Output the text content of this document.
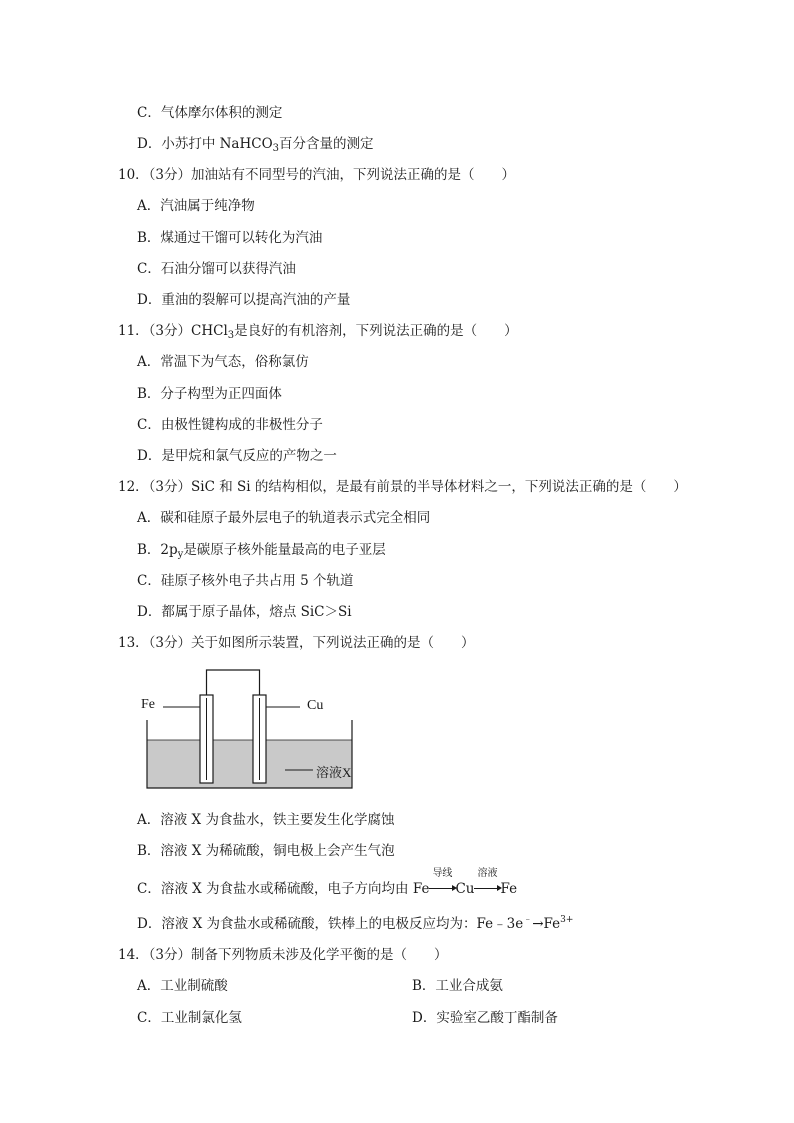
C．气体摩尔体积的测定
D．小苏打中 NaHCO$_3$百分含量的测定
10．（3分）加油站有不同型号的汽油，下列说法正确的是（　　）
A．汽油属于纯净物
B．煤通过干馏可以转化为汽油
C．石油分馏可以获得汽油
D．重油的裂解可以提高汽油的产量
11．（3分）CHCl$_3$是良好的有机溶剂，下列说法正确的是（　　）
A．常温下为气态，俗称氯仿
B．分子构型为正四面体
C．由极性键构成的非极性分子
D．是甲烷和氯气反应的产物之一
12．（3分）SiC 和 Si 的结构相似，是最有前景的半导体材料之一，下列说法正确的是（　　）
A．碳和硅原子最外层电子的轨道表示式完全相同
B．$2p_y$是碳原子核外能量最高的电子亚层
C．硅原子核外电子共占用 5 个轨道
D．都属于原子晶体，熔点 SiC＞Si
13．（3分）关于如图所示装置，下列说法正确的是（　　）
Fe	Cu
溶液X
A．溶液 X 为食盐水，铁主要发生化学腐蚀
B．溶液 X 为稀硫酸，铜电极上会产生气泡
C．溶液 X 为食盐水或稀硫酸，电子方向均由 Fe
导线
Cu
溶液
Fe
D．溶液 X 为食盐水或稀硫酸，铁棒上的电极反应均为：$Fe﹣3e^﹣\to Fe^{3+}$
14．（3分）制备下列物质未涉及化学平衡的是（　　）
A．工业制硫酸	B．工业合成氨
C．工业制氯化氢	D．实验室乙酸丁酯制备
